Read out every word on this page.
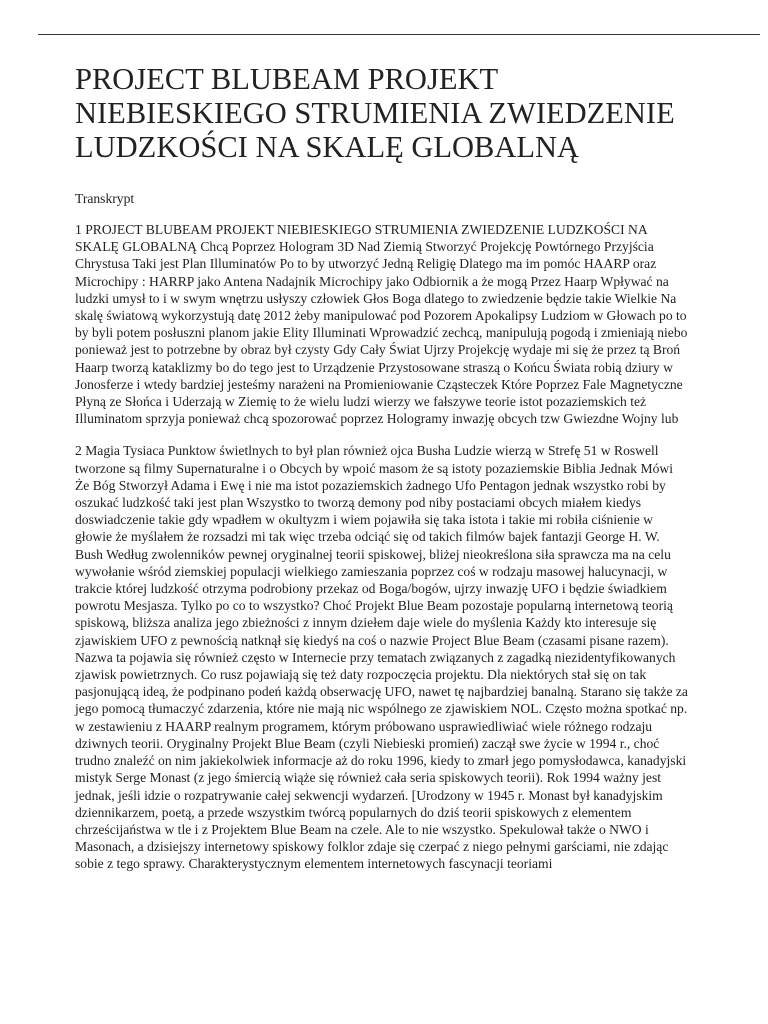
PROJECT BLUBEAM PROJEKT NIEBIESKIEGO STRUMIENIA ZWIEDZENIE LUDZKOŚCI NA SKALĘ GLOBALNĄ

Transkrypt

1 PROJECT BLUBEAM PROJEKT NIEBIESKIEGO STRUMIENIA ZWIEDZENIE LUDZKOŚCI NA SKALĘ GLOBALNĄ Chcą Poprzez Hologram 3D Nad Ziemią Stworzyć Projekcję Powtórnego Przyjścia Chrystusa Taki jest Plan Illuminatów Po to by utworzyć Jedną Religię Dlatego ma im pomóc HAARP oraz Microchipy : HARRP jako Antena Nadajnik Microchipy jako Odbiornik a że mogą Przez Haarp Wpływać na ludzki umysł to i w swym wnętrzu usłyszy człowiek Głos Boga dlatego to zwiedzenie będzie takie Wielkie Na skalę światową wykorzystują datę 2012 żeby manipulować pod Pozorem Apokalipsy Ludziom w Głowach po to by byli potem posłuszni planom jakie Elity Illuminati Wprowadzić zechcą, manipulują pogodą i zmieniają niebo ponieważ jest to potrzebne by obraz był czysty Gdy Cały Świat Ujrzy Projekcję wydaje mi się że przez tą Broń Haarp tworzą kataklizmy bo do tego jest to Urządzenie Przystosowane straszą o Końcu Świata robią dziury w Jonosferze i wtedy bardziej jesteśmy narażeni na Promieniowanie Cząsteczek Które Poprzez Fale Magnetyczne Płyną ze Słońca i Uderzają w Ziemię to że wielu ludzi wierzy we fałszywe teorie istot pozaziemskich też Illuminatom sprzyja ponieważ chcą spozorować poprzez Hologramy inwazję obcych tzw Gwiezdne Wojny lub

2 Magia Tysiaca Punktow świetlnych to był plan również ojca Busha Ludzie wierzą w Strefę 51 w Roswell tworzone są filmy Supernaturalne i o Obcych by wpoić masom że są istoty pozaziemskie Biblia Jednak Mówi Że Bóg Stworzył Adama i Ewę i nie ma istot pozaziemskich żadnego Ufo Pentagon jednak wszystko robi by oszukać ludzkość taki jest plan Wszystko to tworzą demony pod niby postaciami obcych miałem kiedys doswiadczenie takie gdy wpadłem w okultyzm i wiem pojawiła się taka istota i takie mi robiła ciśnienie w głowie że myślałem że rozsadzi mi tak więc trzeba odciąć się od takich filmów bajek fantazji George H. W. Bush Według zwolenników pewnej oryginalnej teorii spiskowej, bliżej nieokreślona siła sprawcza ma na celu wywołanie wśród ziemskiej populacji wielkiego zamieszania poprzez coś w rodzaju masowej halucynacji, w trakcie której ludzkość otrzyma podrobiony przekaz od Boga/bogów, ujrzy inwazję UFO i będzie świadkiem powrotu Mesjasza. Tylko po co to wszystko? Choć Projekt Blue Beam pozostaje popularną internetową teorią spiskową, bliższa analiza jego zbieżności z innym dziełem daje wiele do myślenia Każdy kto interesuje się zjawiskiem UFO z pewnością natknął się kiedyś na coś o nazwie Project Blue Beam (czasami pisane razem). Nazwa ta pojawia się również często w Internecie przy tematach związanych z zagadką niezidentyfikowanych zjawisk powietrznych. Co rusz pojawiają się też daty rozpoczęcia projektu. Dla niektórych stał się on tak pasjonującą ideą, że podpinano podeń każdą obserwację UFO, nawet tę najbardziej banalną. Starano się także za jego pomocą tłumaczyć zdarzenia, które nie mają nic wspólnego ze zjawiskiem NOL. Często można spotkać np. w zestawieniu z HAARP realnym programem, którym próbowano usprawiedliwiać wiele różnego rodzaju dziwnych teorii. Oryginalny Projekt Blue Beam (czyli Niebieski promień) zaczął swe życie w 1994 r., choć trudno znaleźć on nim jakiekolwiek informacje aż do roku 1996, kiedy to zmarł jego pomysłodawca, kanadyjski mistyk Serge Monast (z jego śmiercią wiąże się również cała seria spiskowych teorii). Rok 1994 ważny jest jednak, jeśli idzie o rozpatrywanie całej sekwencji wydarzeń. [Urodzony w 1945 r. Monast był kanadyjskim dziennikarzem, poetą, a przede wszystkim twórcą popularnych do dziś teorii spiskowych z elementem chrześcijaństwa w tle i z Projektem Blue Beam na czele. Ale to nie wszystko. Spekulował także o NWO i Masonach, a dzisiejszy internetowy spiskowy folklor zdaje się czerpać z niego pełnymi garściami, nie zdając sobie z tego sprawy. Charakterystycznym elementem internetowych fascynacji teoriami
